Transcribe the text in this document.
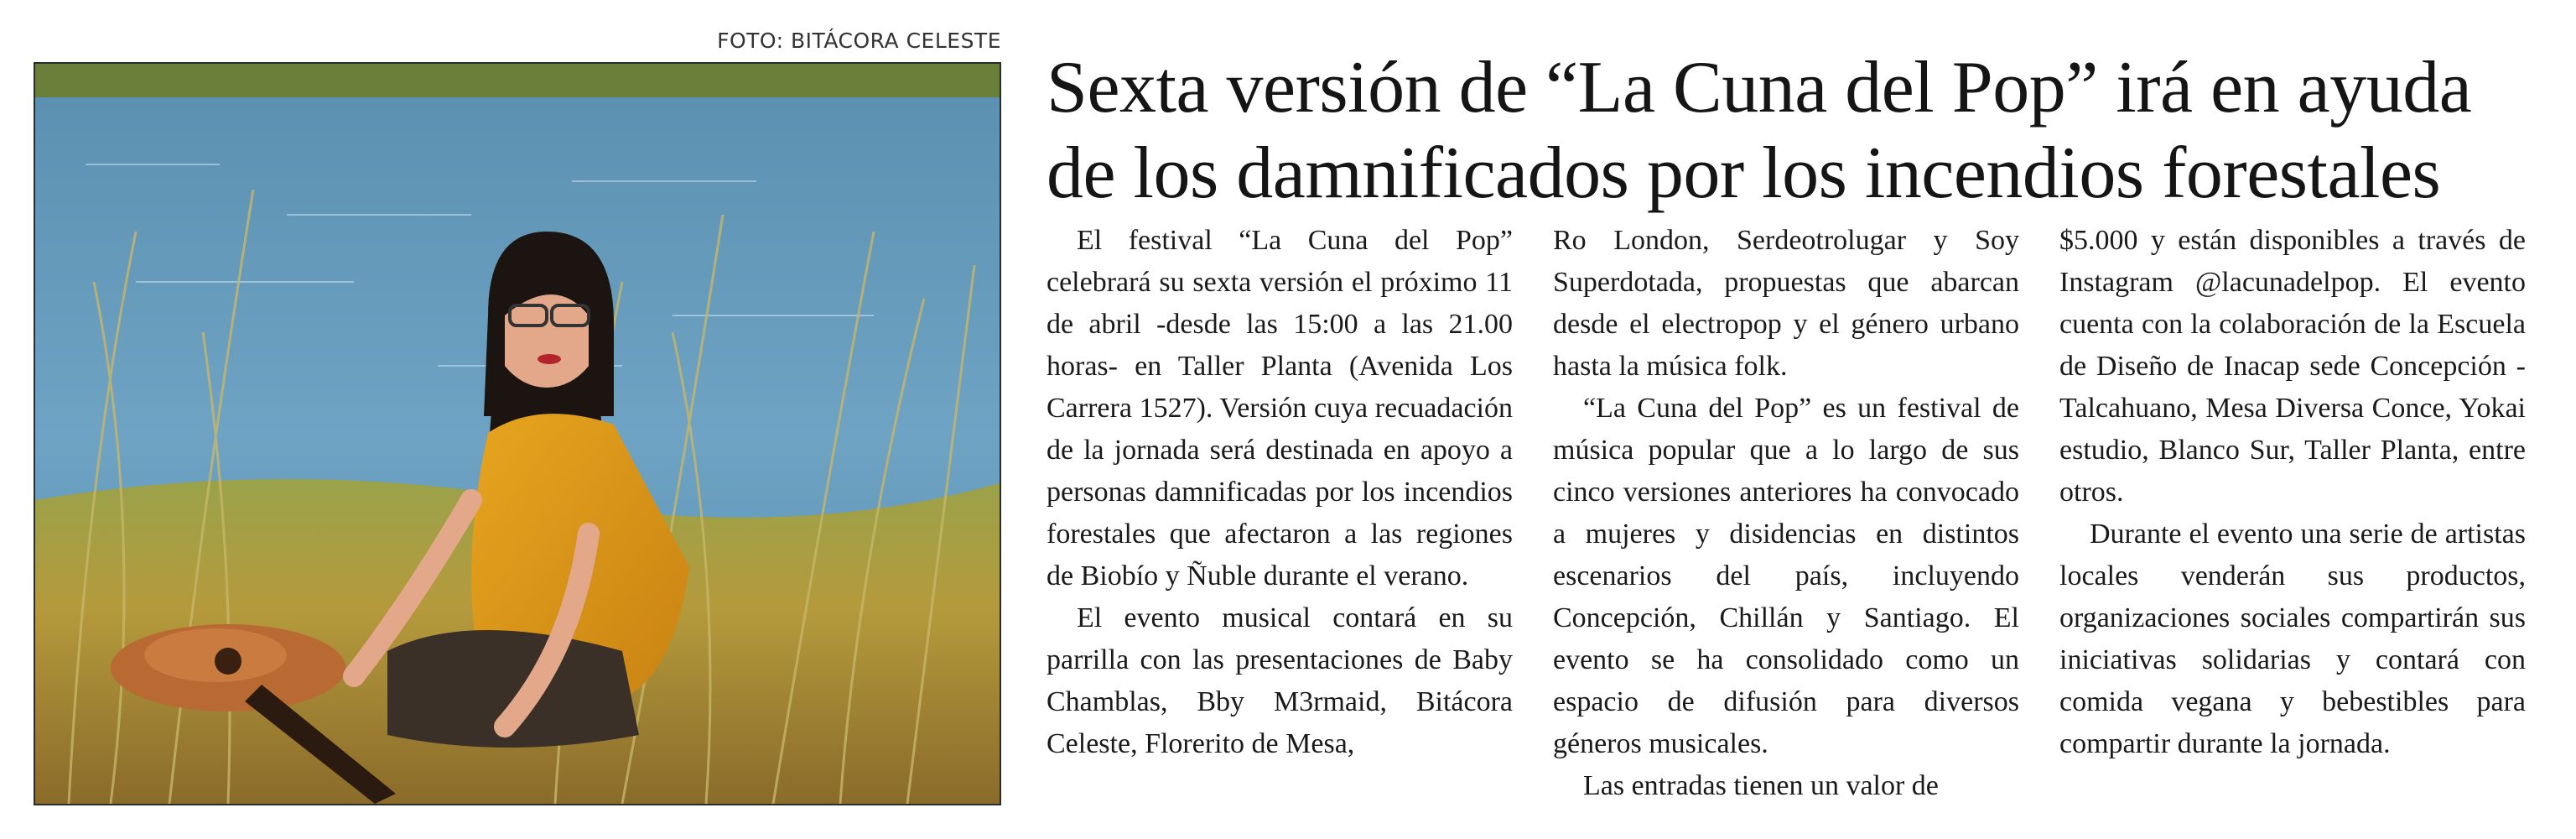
FOTO: BITÁCORA CELESTE
Sexta versión de “La Cuna del Pop” irá en ayuda de los damnificados por los incendios forestales

El festival “La Cuna del Pop” celebrará su sexta versión el próximo 11 de abril -desde las 15:00 a las 21.00 horas- en Taller Planta (Avenida Los Carrera 1527). Versión cuya recuadación de la jornada será destinada en apoyo a personas damnificadas por los incendios forestales que afectaron a las regiones de Biobío y Ñuble durante el verano.

El evento musical contará en su parrilla con las presentaciones de Baby Chamblas, Bby M3rmaid, Bitácora Celeste, Florerito de Mesa,

Ro London, Serdeotrolugar y Soy Superdotada, propuestas que abarcan desde el electropop y el género urbano hasta la música folk.

“La Cuna del Pop” es un festival de música popular que a lo largo de sus cinco versiones anteriores ha convocado a mujeres y disidencias en distintos escenarios del país, incluyendo Concepción, Chillán y Santiago. El evento se ha consolidado como un espacio de difusión para diversos géneros musicales.

Las entradas tienen un valor de

$5.000 y están disponibles a través de Instagram @lacunadelpop. El evento cuenta con la colaboración de la Escuela de Diseño de Inacap sede Concepción - Talcahuano, Mesa Diversa Conce, Yokai estudio, Blanco Sur, Taller Planta, entre otros.

Durante el evento una serie de artistas locales venderán sus productos, organizaciones sociales compartirán sus iniciativas solidarias y contará con comida vegana y bebestibles para compartir durante la jornada.
